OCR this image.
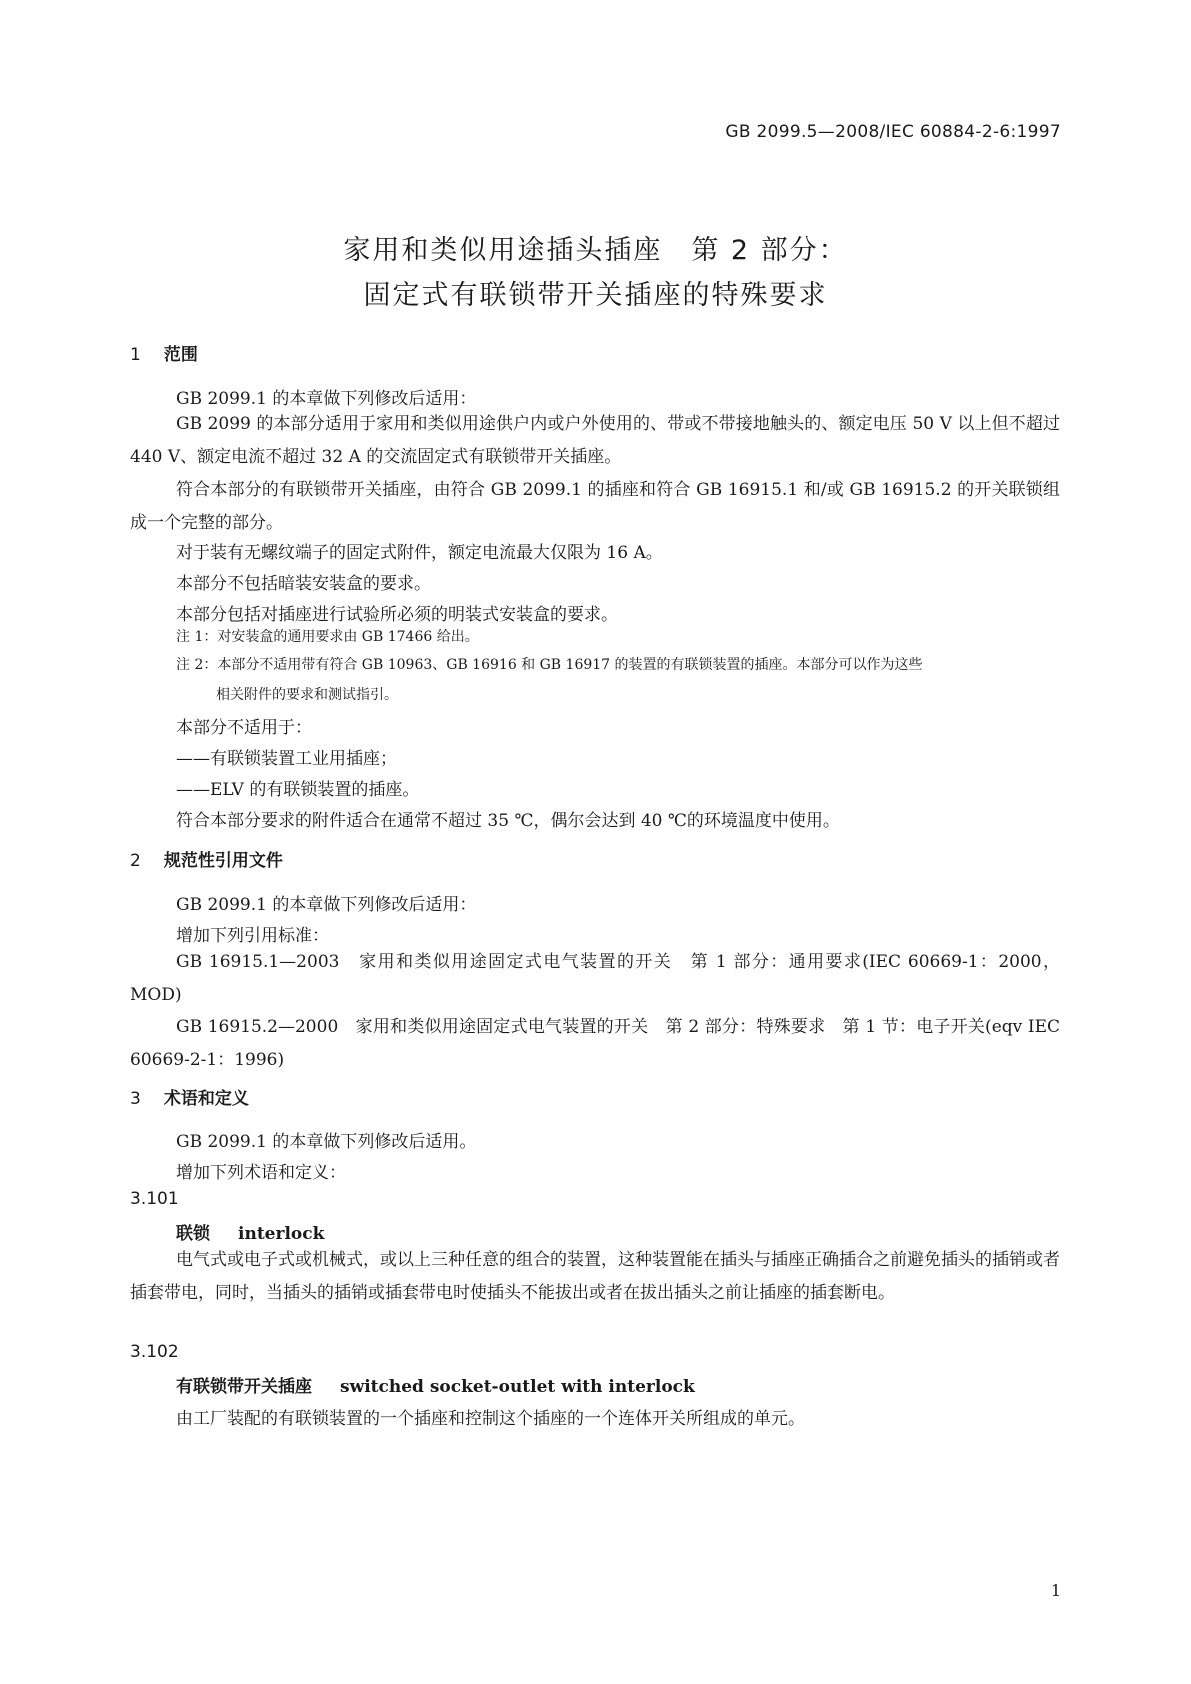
GB 2099.5—2008/IEC 60884-2-6:1997
家用和类似用途插头插座　第 2 部分：
固定式有联锁带开关插座的特殊要求
1 范围
GB 2099.1 的本章做下列修改后适用：
GB 2099 的本部分适用于家用和类似用途供户内或户外使用的、带或不带接地触头的、额定电压 50 V 以上但不超过 440 V、额定电流不超过 32 A 的交流固定式有联锁带开关插座。
符合本部分的有联锁带开关插座，由符合 GB 2099.1 的插座和符合 GB 16915.1 和/或 GB 16915.2 的开关联锁组成一个完整的部分。
对于装有无螺纹端子的固定式附件，额定电流最大仅限为 16 A。
本部分不包括暗装安装盒的要求。
本部分包括对插座进行试验所必须的明装式安装盒的要求。
注 1：对安装盒的通用要求由 GB 17466 给出。
注 2：本部分不适用带有符合 GB 10963、GB 16916 和 GB 16917 的装置的有联锁装置的插座。本部分可以作为这些
相关附件的要求和测试指引。
本部分不适用于：
——有联锁装置工业用插座；
——ELV 的有联锁装置的插座。
符合本部分要求的附件适合在通常不超过 35 ℃，偶尔会达到 40 ℃的环境温度中使用。
2 规范性引用文件
GB 2099.1 的本章做下列修改后适用：
增加下列引用标准：
GB 16915.1—2003　家用和类似用途固定式电气装置的开关　第 1 部分：通用要求(IEC 60669-1：2000，MOD)
GB 16915.2—2000　家用和类似用途固定式电气装置的开关　第 2 部分：特殊要求　第 1 节：电子开关(eqv IEC 60669-2-1：1996)
3 术语和定义
GB 2099.1 的本章做下列修改后适用。
增加下列术语和定义：
3.101
联锁 interlock
电气式或电子式或机械式，或以上三种任意的组合的装置，这种装置能在插头与插座正确插合之前避免插头的插销或者插套带电，同时，当插头的插销或插套带电时使插头不能拔出或者在拔出插头之前让插座的插套断电。
3.102
有联锁带开关插座 switched socket-outlet with interlock
由工厂装配的有联锁装置的一个插座和控制这个插座的一个连体开关所组成的单元。
1
